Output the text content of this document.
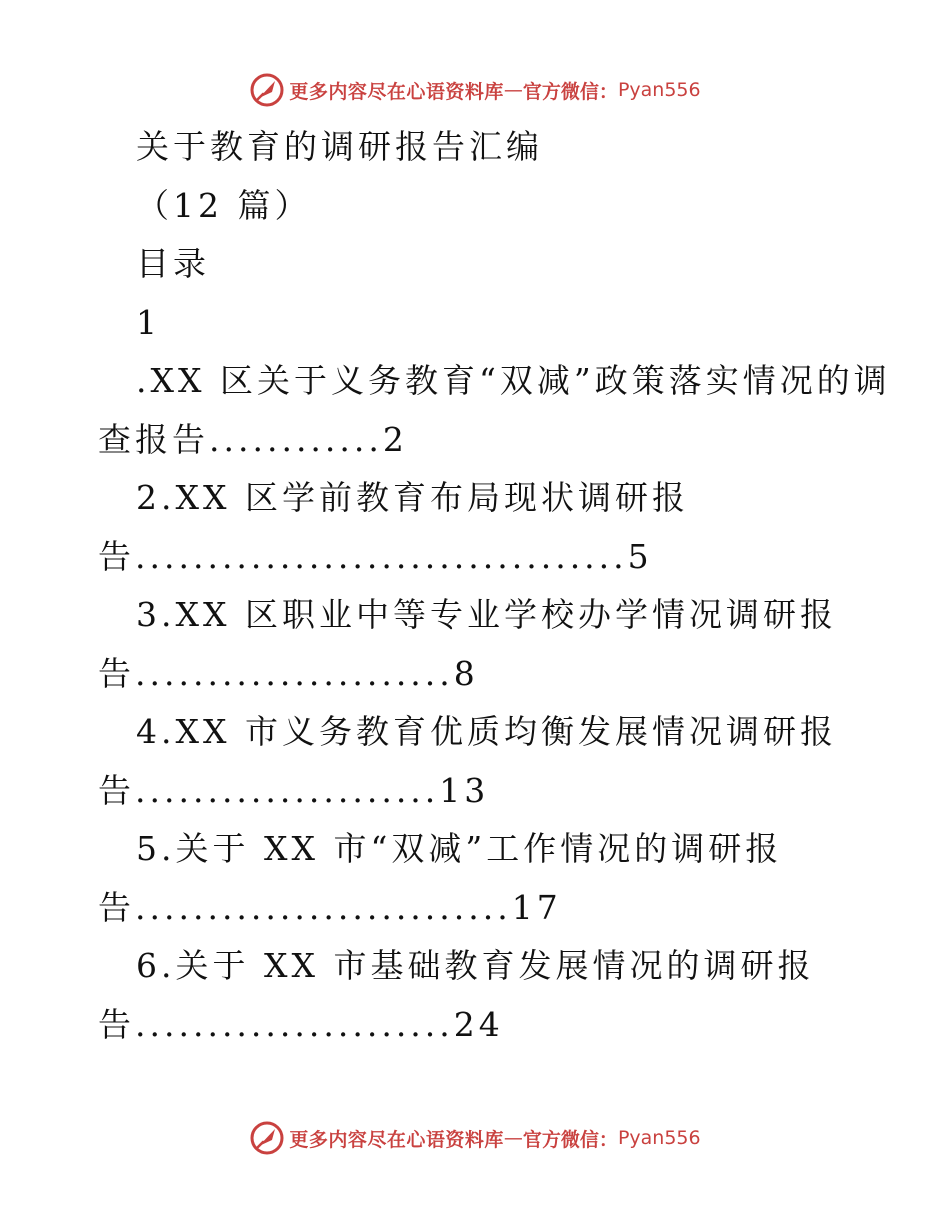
更多内容尽在心语资料库 — 官方微信： Pyan556
关于教育的调研报告汇编
（12 篇）
目录
1
.XX 区关于义务教育“双减”政策落实情况的调
查报告............2
2.XX 区学前教育布局现状调研报
告..................................5
3.XX 区职业中等专业学校办学情况调研报
告......................8
4.XX 市义务教育优质均衡发展情况调研报
告.....................13
5.关于 XX 市“双减”工作情况的调研报
告..........................17
6.关于 XX 市基础教育发展情况的调研报
告......................24
更多内容尽在心语资料库 — 官方微信： Pyan556
